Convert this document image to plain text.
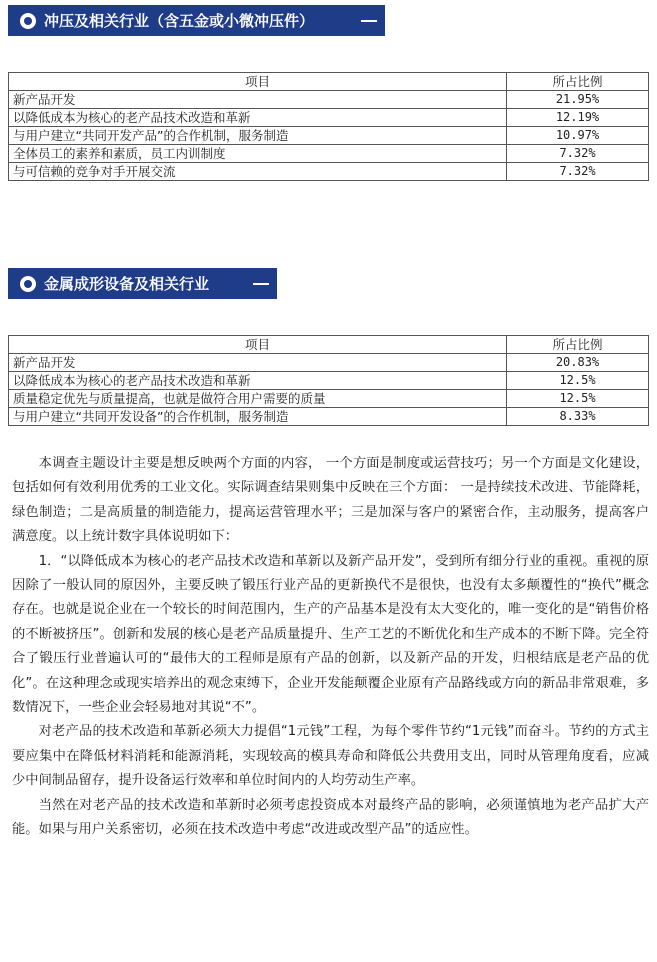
冲压及相关行业（含五金或小微冲压件）
项目	所占比例
新产品开发	21.95%
以降低成本为核心的老产品技术改造和革新	12.19%
与用户建立“共同开发产品”的合作机制，服务制造	10.97%
全体员工的素养和素质，员工内训制度	7.32%
与可信赖的竞争对手开展交流	7.32%
金属成形设备及相关行业
项目	所占比例
新产品开发	20.83%
以降低成本为核心的老产品技术改造和革新	12.5%
质量稳定优先与质量提高，也就是做符合用户需要的质量	12.5%
与用户建立“共同开发设备”的合作机制，服务制造	8.33%

本调查主题设计主要是想反映两个方面的内容， 一个方面是制度或运营技巧；另一个方面是文化建设，包括如何有效利用优秀的工业文化。实际调查结果则集中反映在三个方面： 一是持续技术改进、节能降耗，绿色制造；二是高质量的制造能力，提高运营管理水平；三是加深与客户的紧密合作，主动服务，提高客户满意度。以上统计数字具体说明如下：

1．“以降低成本为核心的老产品技术改造和革新以及新产品开发”，受到所有细分行业的重视。重视的原因除了一般认同的原因外，主要反映了锻压行业产品的更新换代不是很快，也没有太多颠覆性的“换代”概念存在。也就是说企业在一个较长的时间范围内，生产的产品基本是没有太大变化的，唯一变化的是“销售价格的不断被挤压”。创新和发展的核心是老产品质量提升、生产工艺的不断优化和生产成本的不断下降。完全符合了锻压行业普遍认可的“最伟大的工程师是原有产品的创新，以及新产品的开发，归根结底是老产品的优化”。在这种理念或现实培养出的观念束缚下，企业开发能颠覆企业原有产品路线或方向的新品非常艰难，多数情况下，一些企业会轻易地对其说“不”。

对老产品的技术改造和革新必须大力提倡“1元钱”工程，为每个零件节约“1元钱”而奋斗。节约的方式主要应集中在降低材料消耗和能源消耗，实现较高的模具寿命和降低公共费用支出，同时从管理角度看，应减少中间制品留存，提升设备运行效率和单位时间内的人均劳动生产率。

当然在对老产品的技术改造和革新时必须考虑投资成本对最终产品的影响，必须谨慎地为老产品扩大产能。如果与用户关系密切，必须在技术改造中考虑“改进或改型产品”的适应性。
